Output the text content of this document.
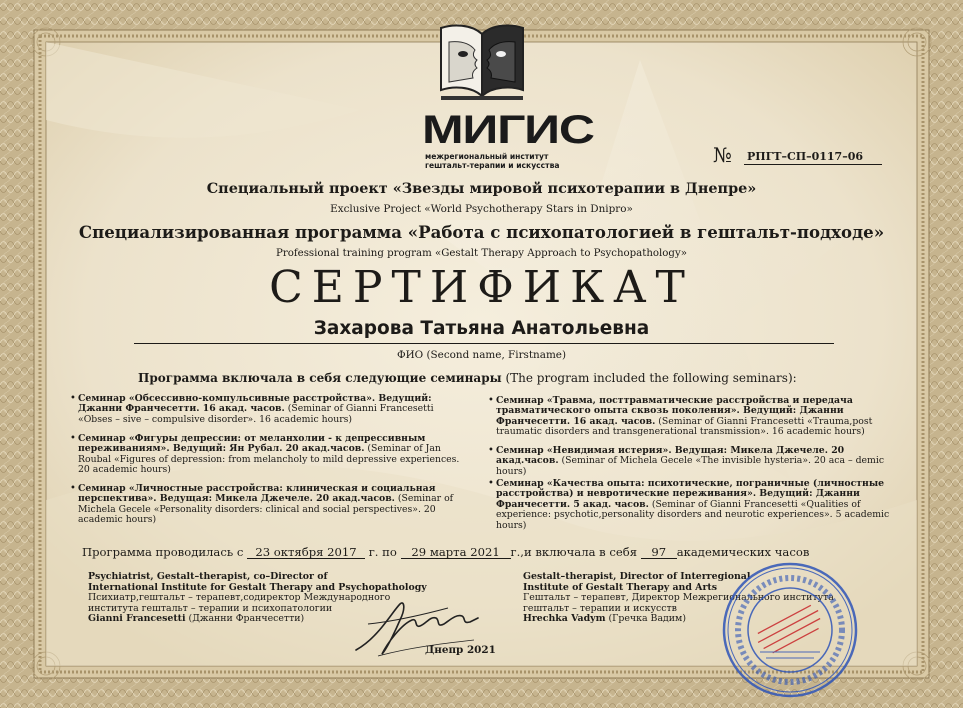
МИГИС
межрегиональный институт
гештальт-терапии и искусства	№ РПГТ–СП–0117–06
Специальный проект «Звезды мировой психотерапии в Днепре»
Exclusive Project «World Psychotherapy Stars in Dnipro»
Специализированная программа «Работа с психопатологией в гештальт-подходе»
Professional training program «Gestalt Therapy Approach to Psychopathology»
СЕРТИФИКАТ
Захарова Татьяна Анатольевна
ФИО (Second name, Firstname)
Программа включала в себя следующие семинары (The program included the following seminars):
• Семинар «Обсессивно-компульсивные расстройства». Ведущий: Джанни Франчесетти. 16 акад. часов. (Seminar of Gianni Francesetti «Obses – sive – compulsive disorder». 16 academic hours)
• Семинар «Фигуры депрессии: от меланхолии - к депрессивным переживаниям». Ведущий: Ян Рубал. 20 акад.часов. (Seminar of Jan Roubal «Figures of depression: from melancholy to mild depressive experiences. 20 academic hours)
• Семинар «Личностные расстройства: клиническая и социальная перспектива». Ведущая: Микела Джечеле. 20 акад.часов. (Seminar of Michela Gecele «Personality disorders: clinical and social perspectives». 20 academic hours)
• Семинар «Травма, посттравматические расстройства и передача травматического опыта сквозь поколения». Ведущий: Джанни Франчесетти. 16 акад. часов. (Seminar of Gianni Francesetti «Trauma,post traumatic disorders and transgenerational transmission». 16 academic hours)
• Семинар «Невидимая истерия». Ведущая: Микела Джечеле. 20 акад.часов. (Seminar of Michela Gecele «The invisible hysteria». 20 aca – demic hours)
• Семинар «Качества опыта: психотические, пограничные (личностные расстройства) и невротические переживания». Ведущий: Джанни Франчесетти. 5 акад. часов. (Seminar of Gianni Francesetti «Qualities of experience: psychotic,personality disorders and neurotic experiences». 5 academic hours)
Программа проводилась с 23 октября 2017 г. по 29 марта 2021 г.,и включала в себя 97 академических часов
Psychiatrist, Gestalt–therapist, co–Director of
International Institute for Gestalt Therapy and Psychopathology
Психиатр,гештальт – терапевт,содиректор Международного
института гештальт – терапии и психопатологии
Gianni Francesetti (Джанни Франчесетти)
Gestalt–therapist, Director of Interregional
Institute of Gestalt Therapy and Arts
Гештальт – терапевт, Директор Межрегионального института
гештальт – терапии и искусств
Hrechka Vadym (Гречка Вадим)
Днепр 2021
